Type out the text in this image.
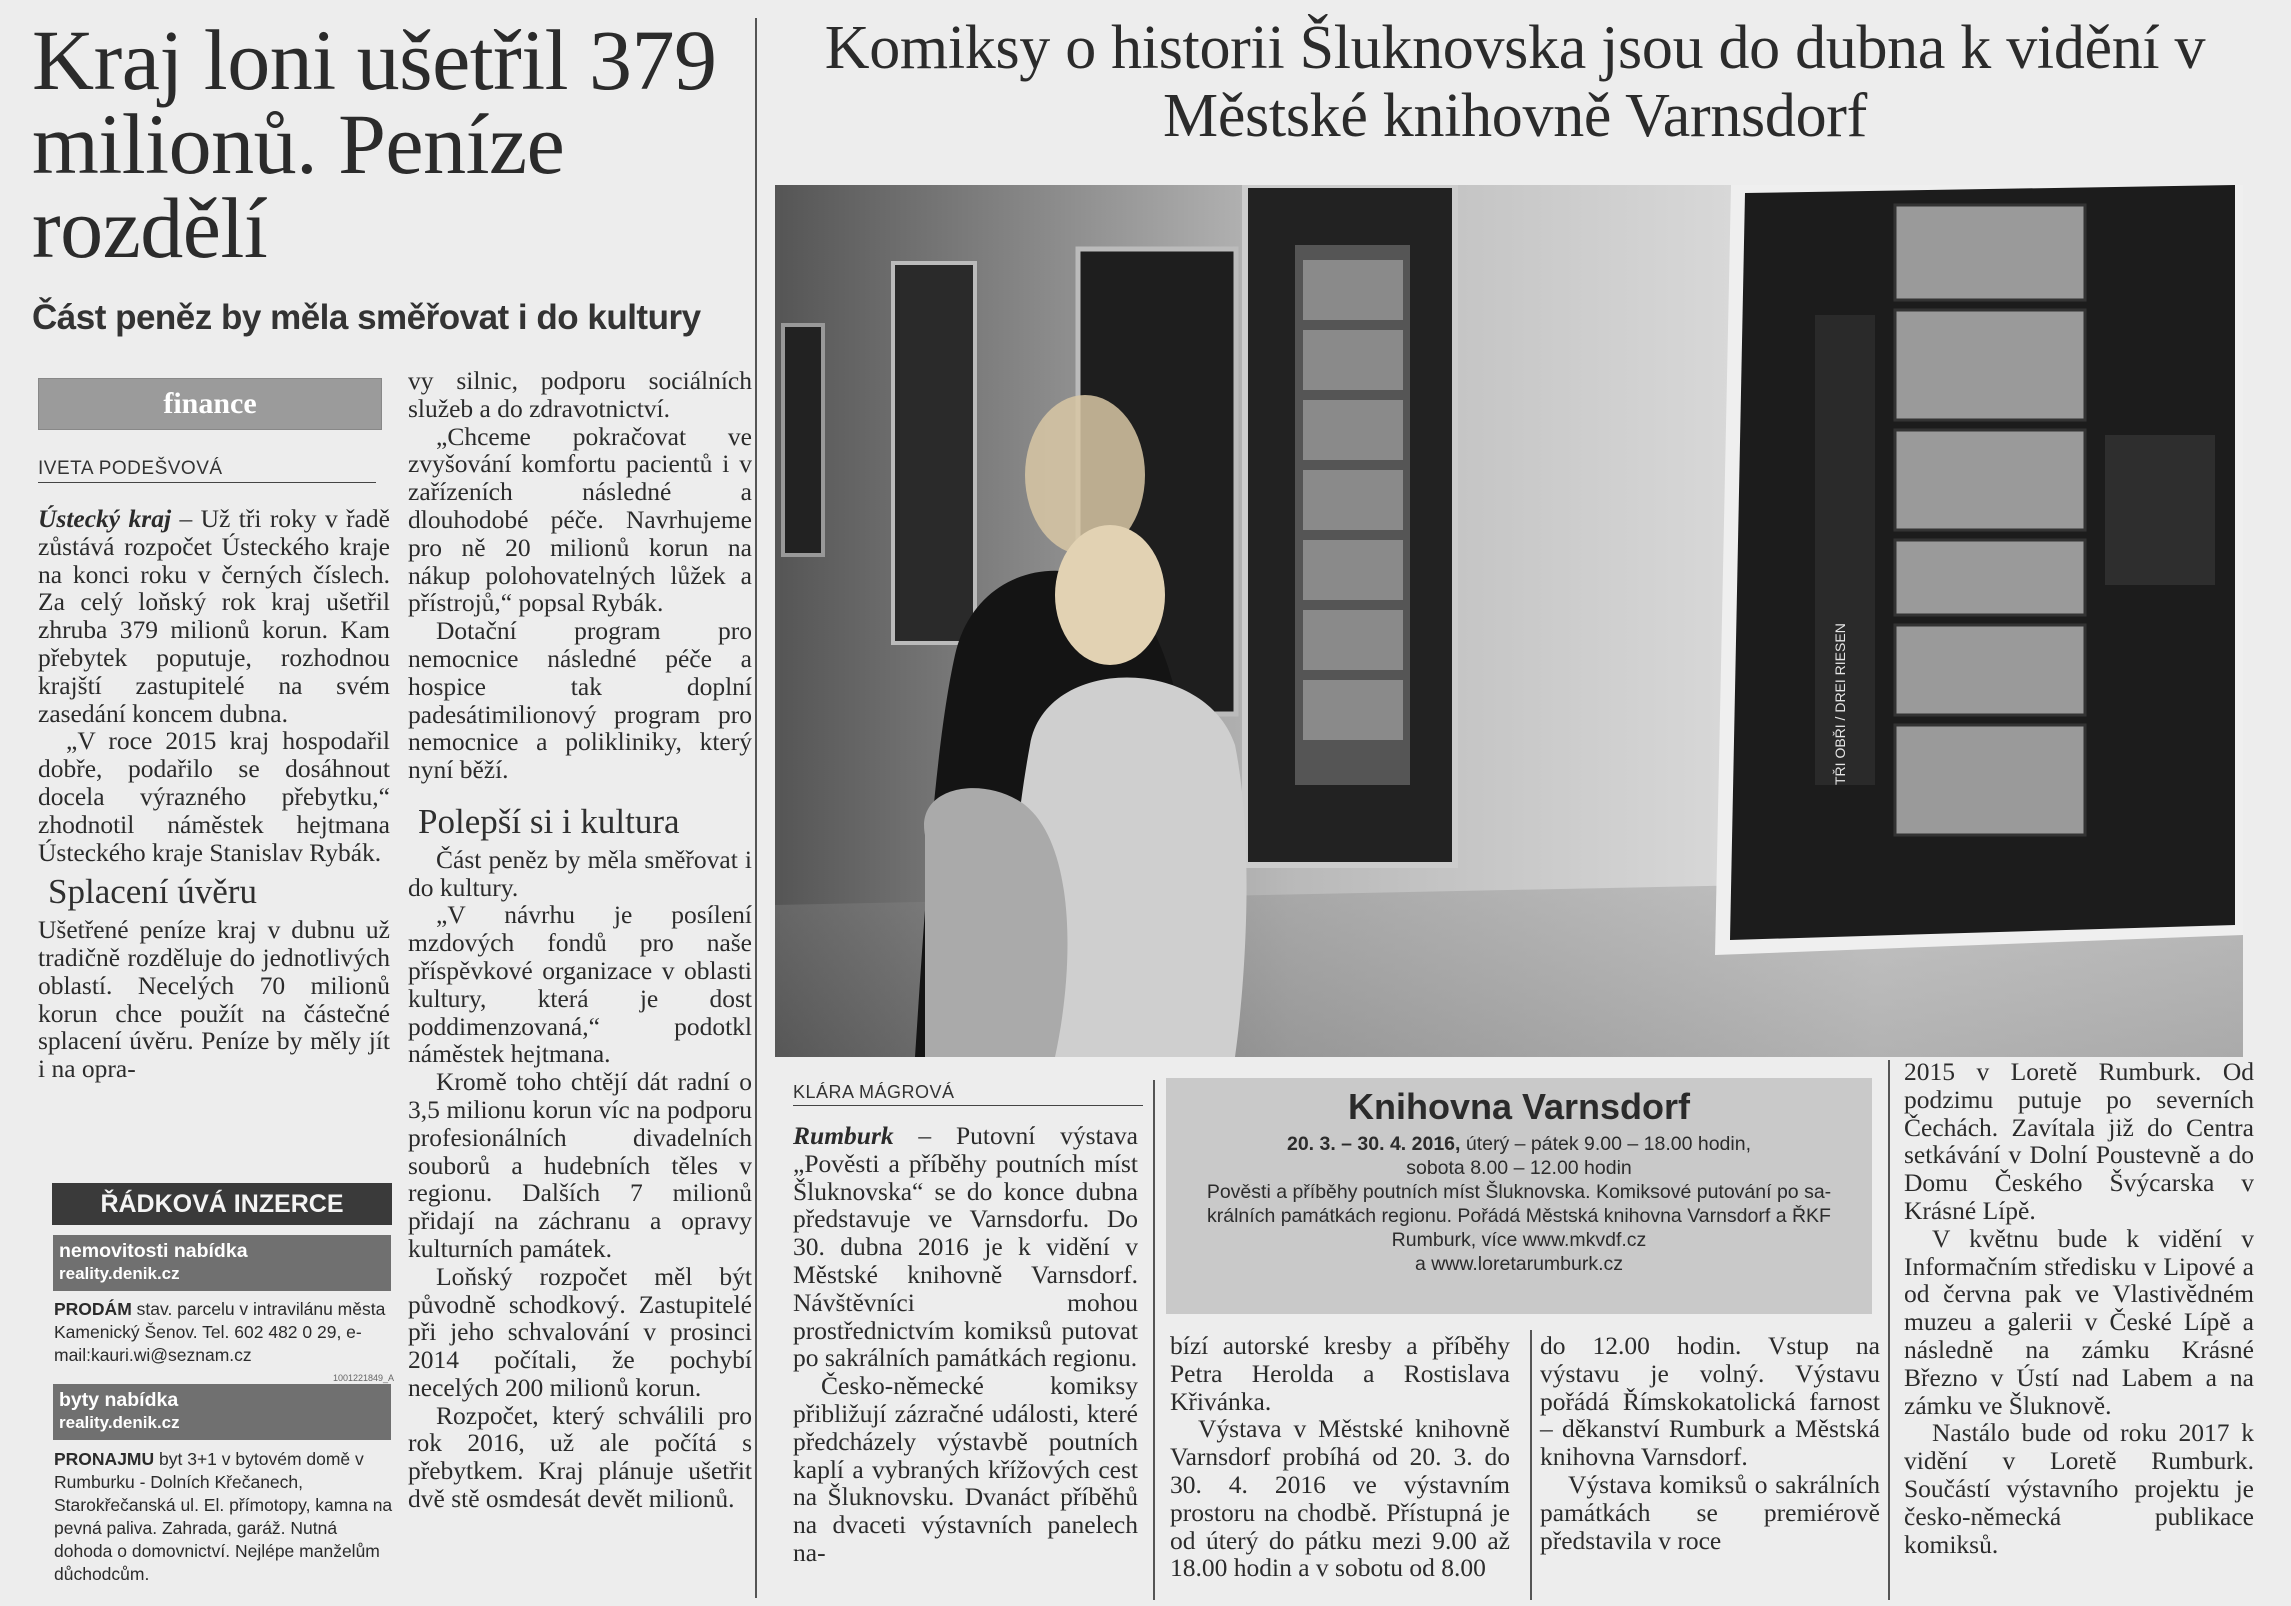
Kraj loni ušetřil 379 milionů. Peníze rozdělí
Část peněz by měla směřovat i do kultury
finance
IVETA PODEŠVOVÁ

Ústecký kraj – Už tři roky v řadě zůstává rozpočet Ústeckého kraje na konci roku v černých číslech. Za celý loňský rok kraj ušetřil zhruba 379 milionů korun. Kam přebytek poputuje, rozhodnou krajští zastupitelé na svém zasedání koncem dubna.

„V roce 2015 kraj hospodařil dobře, podařilo se dosáhnout docela výrazného přebytku,“ zhodnotil náměstek hejtmana Ústeckého kraje Stanislav Rybák.

Splacení úvěru

Ušetřené peníze kraj v dubnu už tradičně rozděluje do jednotlivých oblastí. Necelých 70 milionů korun chce použít na částečné splacení úvěru. Peníze by měly jít i na opra-

vy silnic, podporu sociálních služeb a do zdravotnictví.

„Chceme pokračovat ve zvyšování komfortu pacientů i v zařízeních následné a dlouhodobé péče. Navrhujeme pro ně 20 milionů korun na nákup polohovatelných lůžek a přístrojů,“ popsal Rybák.

Dotační program pro nemocnice následné péče a hospice tak doplní padesátimilionový program pro nemocnice a polikliniky, který nyní běží.

Polepší si i kultura

Část peněz by měla směřovat i do kultury.

„V návrhu je posílení mzdových fondů pro naše příspěvkové organizace v oblasti kultury, která je dost poddimenzovaná,“ podotkl náměstek hejtmana.

Kromě toho chtějí dát radní o 3,5 milionu korun víc na podporu profesionálních divadelních souborů a hudebních těles v regionu. Dalších 7 milionů přidají na záchranu a opravy kulturních památek.

Loňský rozpočet měl být původně schodkový. Zastupitelé při jeho schvalování v prosinci 2014 počítali, že pochybí necelých 200 milionů korun.

Rozpočet, který schválili pro rok 2016, už ale počítá s přebytkem. Kraj plánuje ušetřit dvě stě osmdesát devět milionů.

ŘÁDKOVÁ INZERCE
nemovitosti nabídka
reality.denik.cz
PRODÁM stav. parcelu v intravilánu města Kamenický Šenov. Tel. 602 482 0 29, e-mail:kauri.wi@seznam.cz
1001221849_A
byty nabídka
reality.denik.cz
PRONAJMU byt 3+1 v bytovém domě v Rumburku - Dolních Křečanech, Starokřečanská ul. El. přímotopy, kamna na pevná paliva. Zahrada, garáž. Nutná dohoda o domovnictví. Nejlépe manželům důchodcům.
Komiksy o historii Šluknovska jsou do dubna k vidění v Městské knihovně Varnsdorf
TŘI OBŘI / DREI RIESEN
KLÁRA MÁGROVÁ	Knihovna Varnsdorf
20. 3. – 30. 4. 2016, úterý – pátek 9.00 – 18.00 hodin,
sobota 8.00 – 12.00 hodin
Pověsti a příběhy poutních míst Šluknovska. Komiksové putování po sa-
králních památkách regionu. Pořádá Městská knihovna Varnsdorf a ŘKF
Rumburk, více www.mkvdf.cz
a www.loretarumburk.cz

Rumburk – Putovní výstava „Pověsti a příběhy poutních míst Šluknovska“ se do konce dubna představuje ve Varnsdorfu. Do 30. dubna 2016 je k vidění v Městské knihovně Varnsdorf. Návštěvníci mohou prostřednictvím komiksů putovat po sakrálních památkách regionu.

Česko-německé komiksy přibližují zázračné události, které předcházely výstavbě poutních kaplí a vybraných křížových cest na Šluknovsku. Dvanáct příběhů na dvaceti výstavních panelech na-

bízí autorské kresby a příběhy Petra Herolda a Rostislava Křivánka.

Výstava v Městské knihovně Varnsdorf probíhá od 20. 3. do 30. 4. 2016 ve výstavním prostoru na chodbě. Přístupná je od úterý do pátku mezi 9.00 až 18.00 hodin a v sobotu od 8.00

do 12.00 hodin. Vstup na výstavu je volný. Výstavu pořádá Římskokatolická farnost – děkanství Rumburk a Městská knihovna Varnsdorf.

Výstava komiksů o sakrálních památkách se premiérově představila v roce

2015 v Loretě Rumburk. Od podzimu putuje po severních Čechách. Zavítala již do Centra setkávání v Dolní Poustevně a do Domu Českého Švýcarska v Krásné Lípě.

V květnu bude k vidění v Informačním středisku v Lipové a od června pak ve Vlastivědném muzeu a galerii v České Lípě a následně na zámku Krásné Březno v Ústí nad Labem a na zámku ve Šluknově.

Nastálo bude od roku 2017 k vidění v Loretě Rumburk. Součástí výstavního projektu je česko-německá publikace komiksů.
